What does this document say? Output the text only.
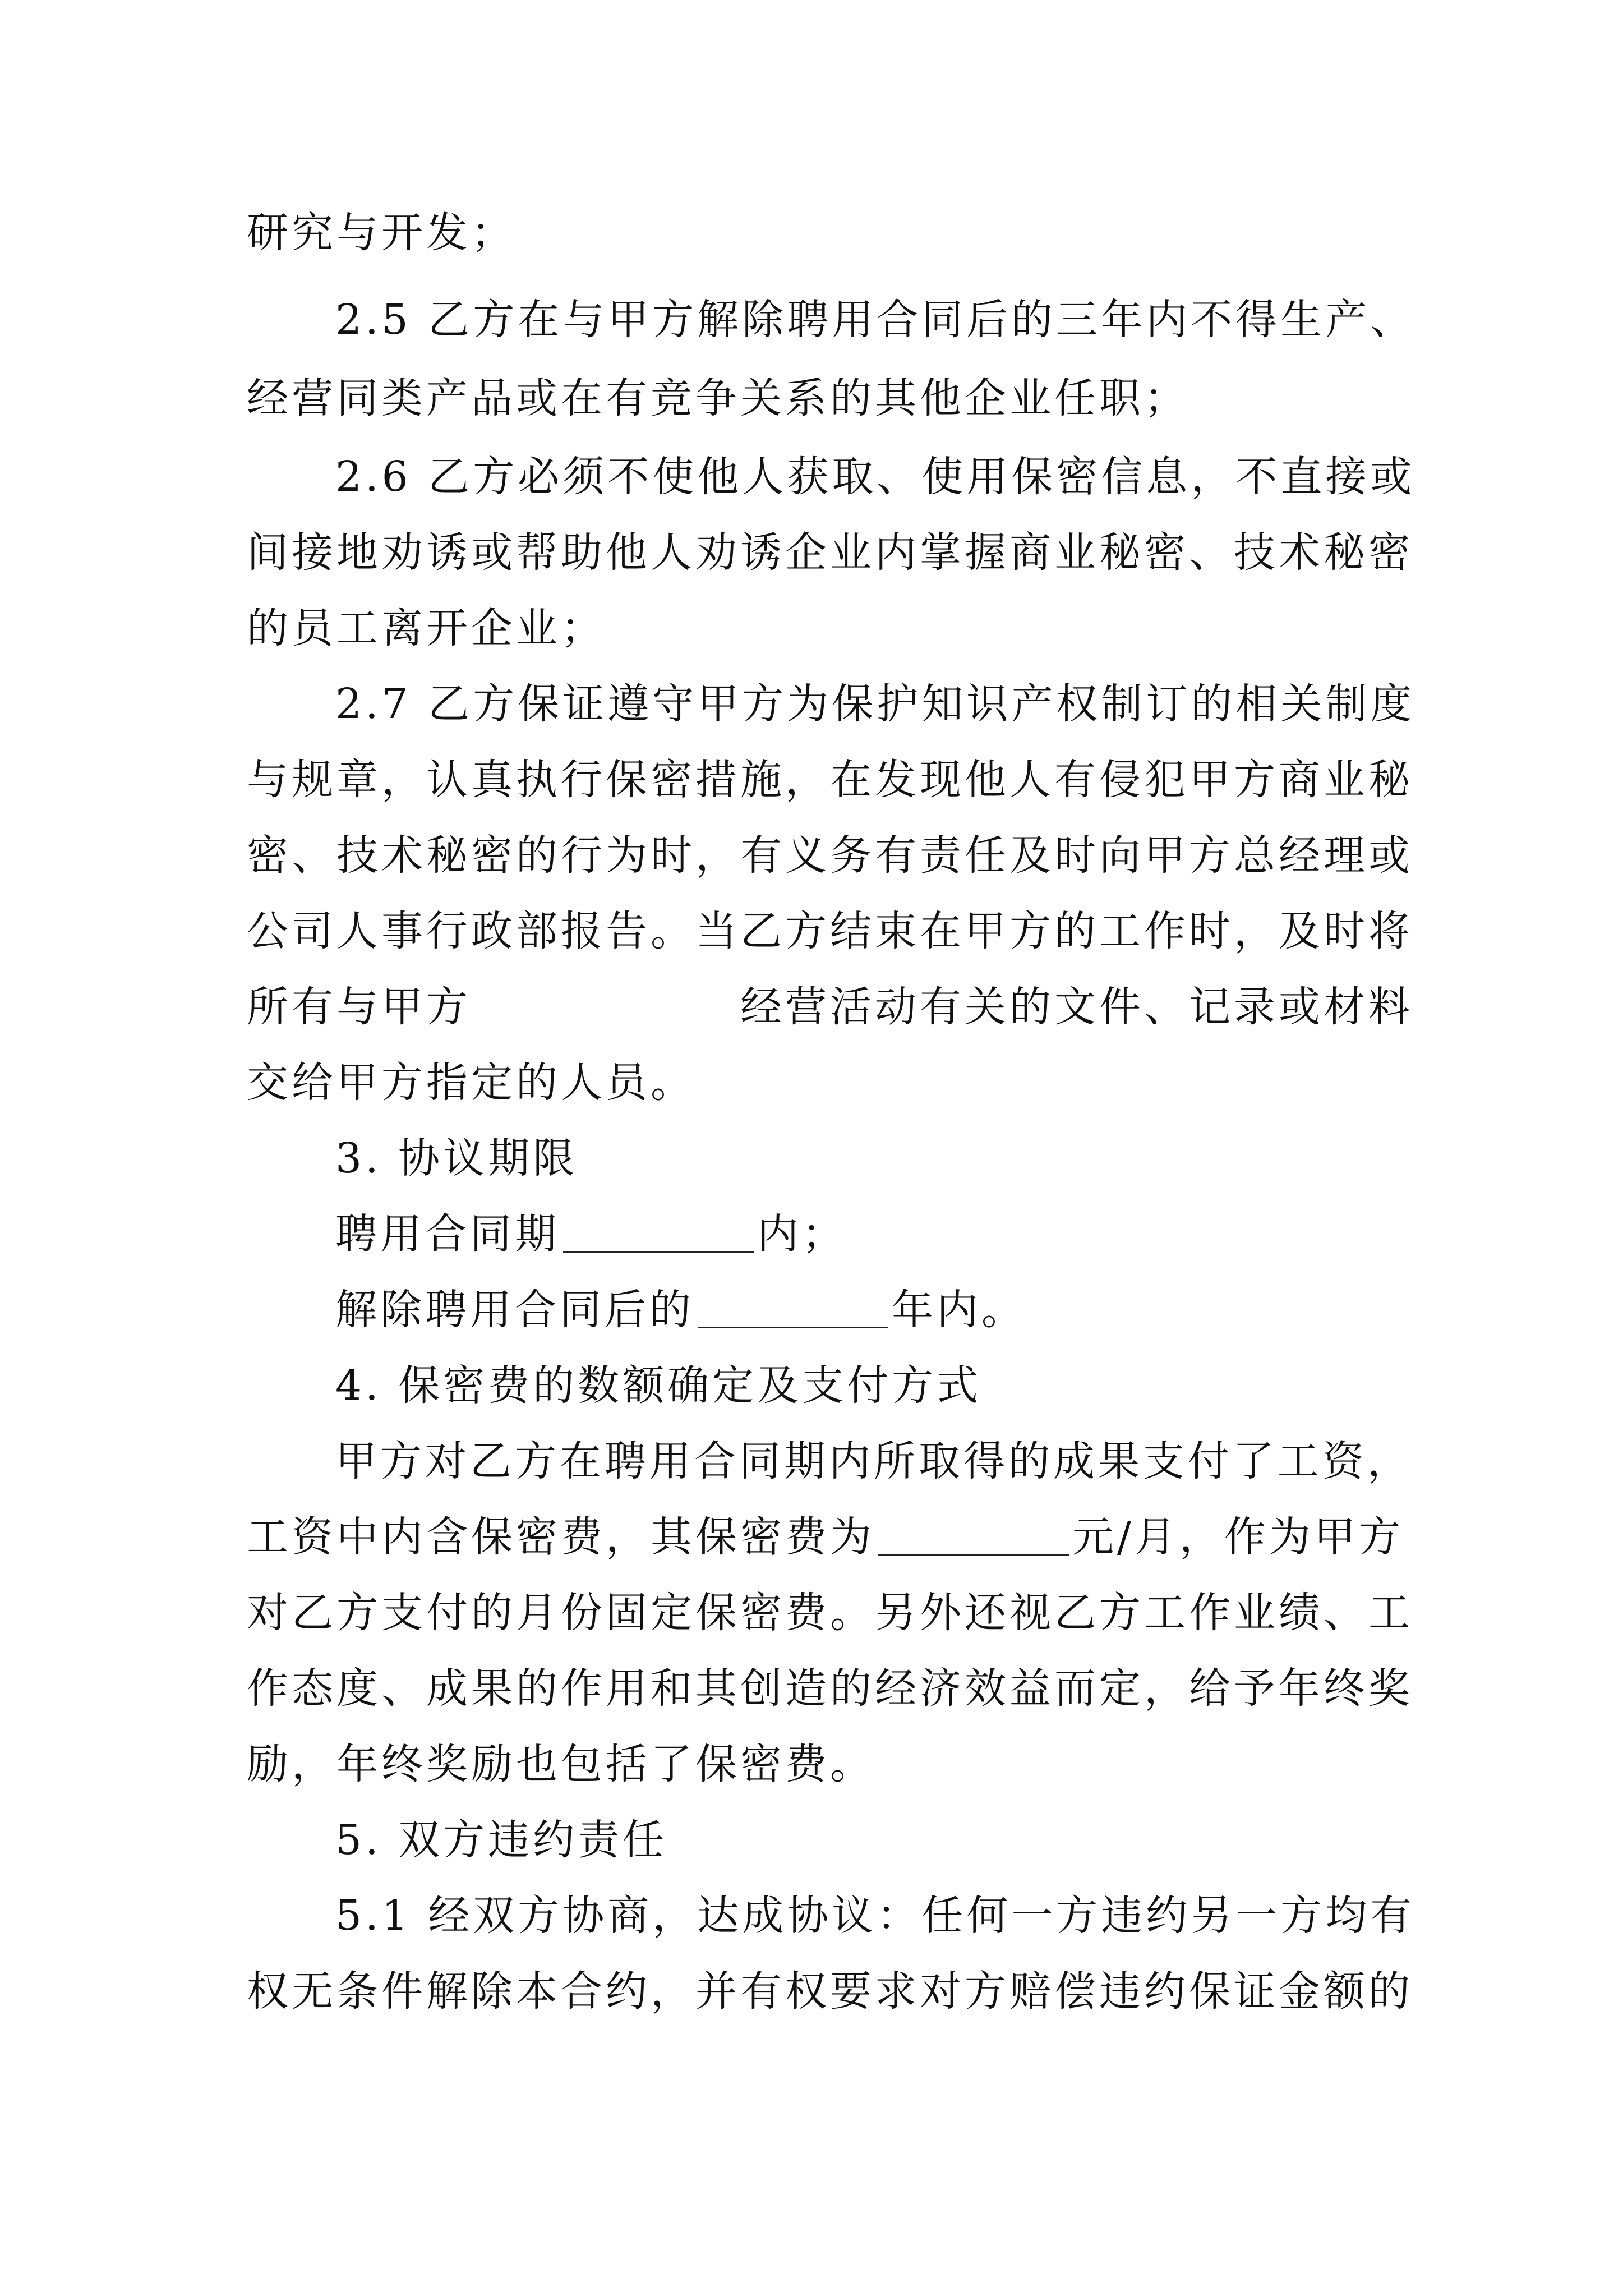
研究与开发；
2.5 乙方在与甲方解除聘用合同后的三年内不得生产、
经营同类产品或在有竞争关系的其他企业任职；
2.6 乙方必须不使他人获取、使用保密信息，不直接或
间接地劝诱或帮助他人劝诱企业内掌握商业秘密、技术秘密
的员工离开企业；
2.7 乙方保证遵守甲方为保护知识产权制订的相关制度
与规章，认真执行保密措施，在发现他人有侵犯甲方商业秘
密、技术秘密的行为时，有义务有责任及时向甲方总经理或
公司人事行政部报告。当乙方结束在甲方的工作时，及时将
所有与甲方	经营活动有关的文件、记录或材料
交给甲方指定的人员。
3. 协议期限
聘用合同期	内；
解除聘用合同后的	年内。
4. 保密费的数额确定及支付方式
甲方对乙方在聘用合同期内所取得的成果支付了工资，
工资中内含保密费，其保密费为	元/月，作为甲方
对乙方支付的月份固定保密费。另外还视乙方工作业绩、工
作态度、成果的作用和其创造的经济效益而定，给予年终奖
励，年终奖励也包括了保密费。
5. 双方违约责任
5.1 经双方协商，达成协议：任何一方违约另一方均有
权无条件解除本合约，并有权要求对方赔偿违约保证金额的
